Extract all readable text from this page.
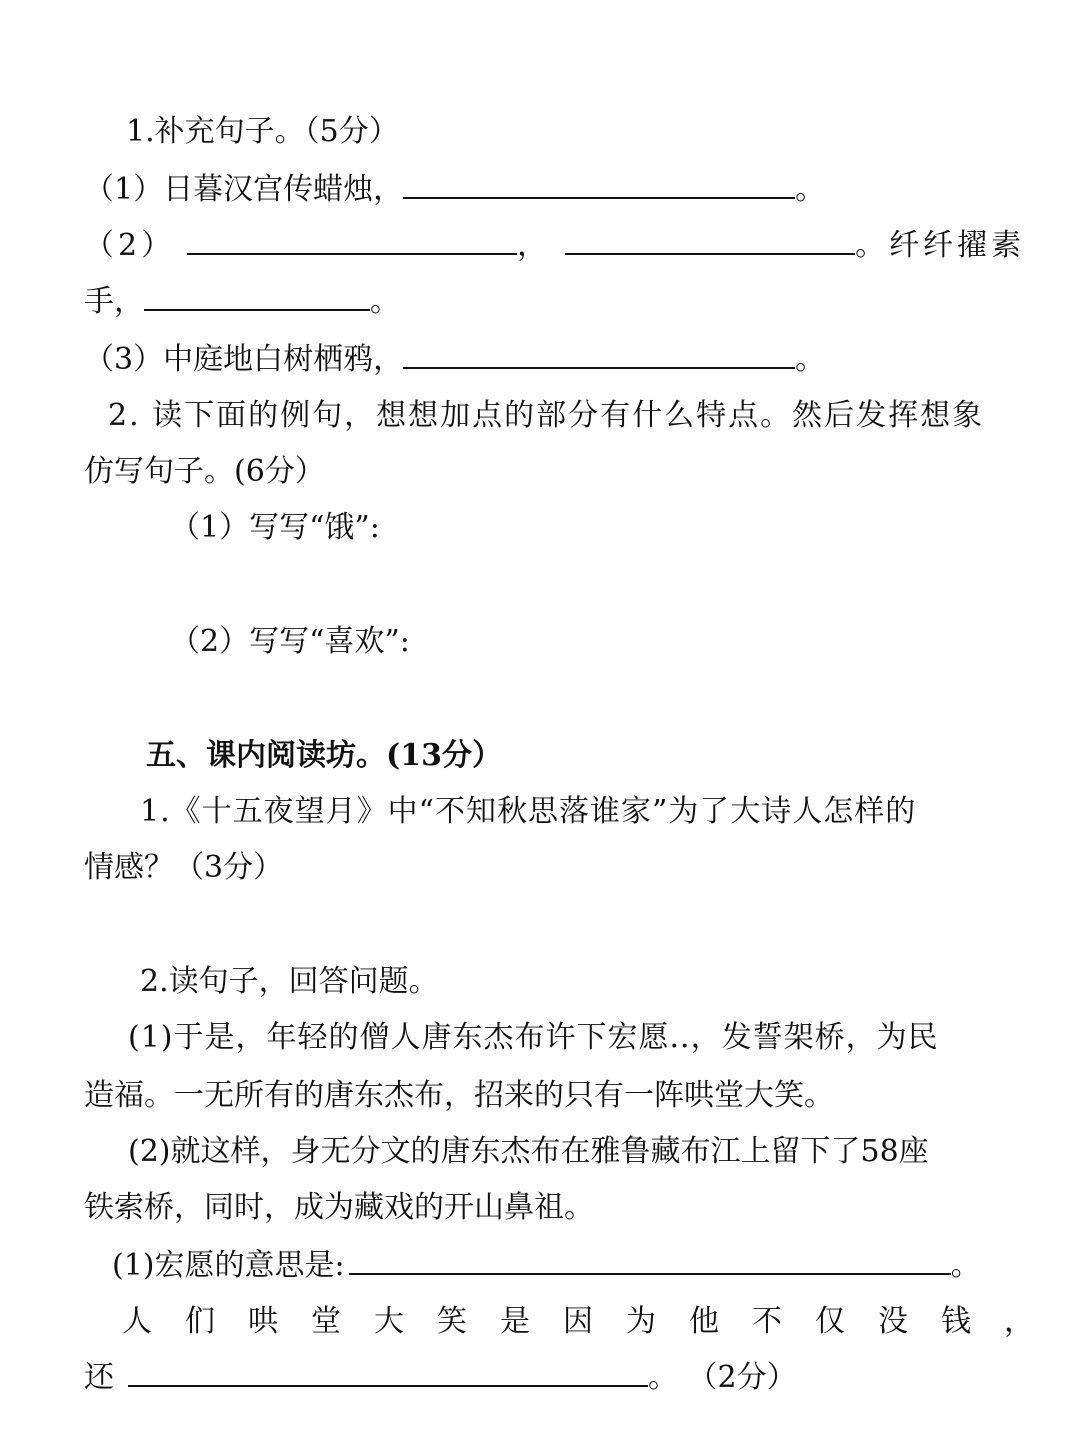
1.补充句子。（5分）
（1）日暮汉宫传蜡烛，	。
（2）	，	。纤纤擢素
手，	。
（3）中庭地白树栖鸦，	。
2. 读下面的例句，想想加点的部分有什么特点。然后发挥想象
仿写句子。(6分）
（1）写写“饿”:
（2）写写“喜欢”:
五、课内阅读坊。(13分）
1.《十五夜望月》中“不知秋思落谁家”为了大诗人怎样的
情感？（3分）
2.读句子，回答问题。
(1)于是，年轻的僧人唐东杰布许下宏愿..，发誓架桥，为民
造福。一无所有的唐东杰布，招来的只有一阵哄堂大笑。
(2)就这样，身无分文的唐东杰布在雅鲁藏布江上留下了58座
铁索桥，同时，成为藏戏的开山鼻祖。
(1)宏愿的意思是:	。
人们哄堂大笑是因为他不仅没钱，
还	。 （2分）
